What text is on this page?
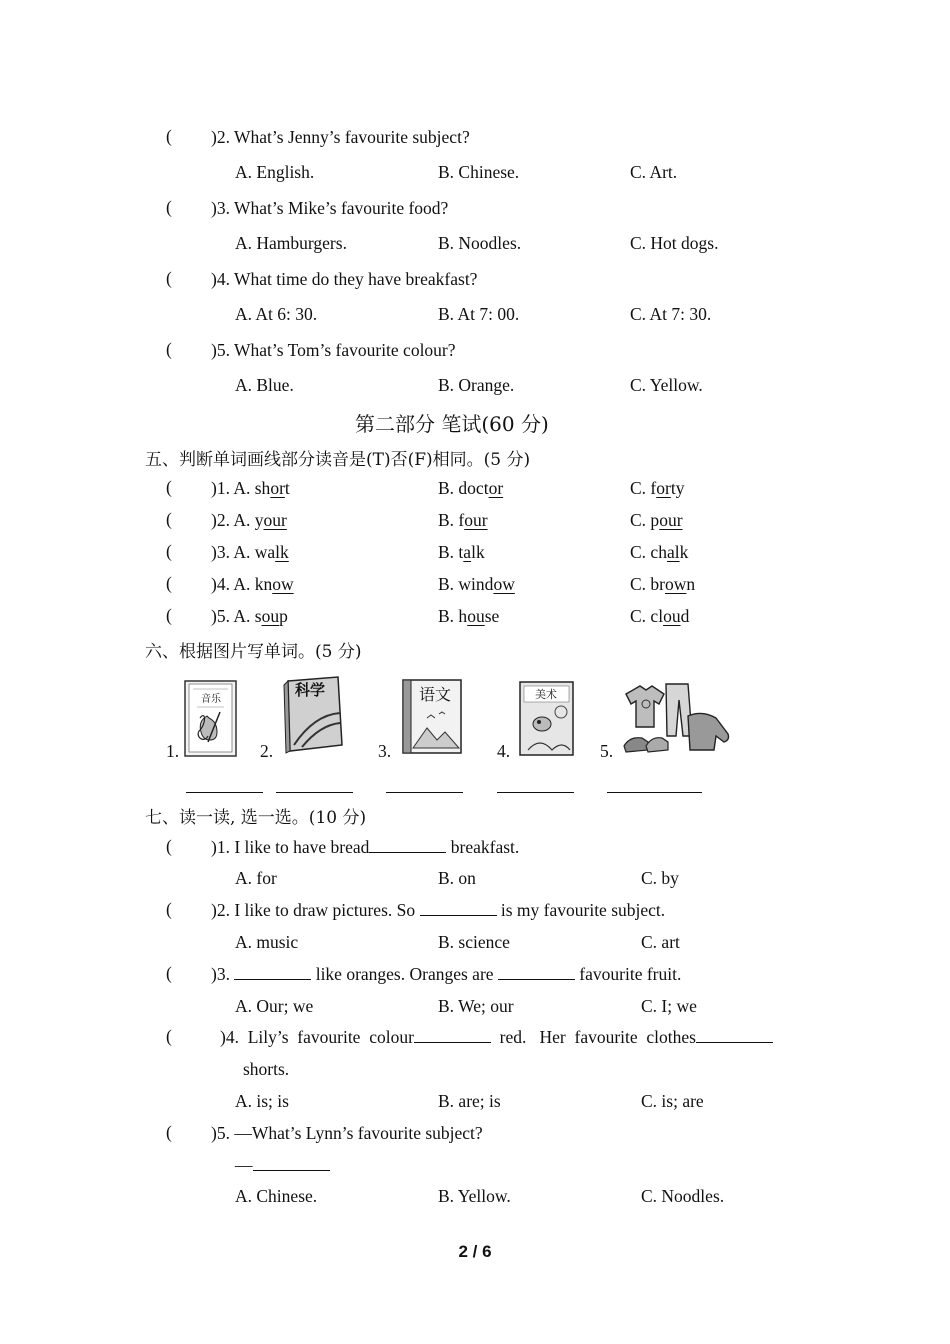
( )2. What’s Jenny’s favourite subject?
A. English.	B. Chinese.	C. Art.
( )3. What’s Mike’s favourite food?
A. Hamburgers.	B. Noodles.	C. Hot dogs.
( )4. What time do they have breakfast?
A. At 6: 30.	B. At 7: 00.	C. At 7: 30.
( )5. What’s Tom’s favourite colour?
A. Blue.	B. Orange.	C. Yellow.
第二部分 笔试(60 分)
五、判断单词画线部分读音是(T)否(F)相同。(5 分)
( )1. A. short	B. doctor	C. forty
( )2. A. your	B. four	C. pour
( )3. A. walk	B. talk	C. chalk
( )4. A. know	B. window	C. brown
( )5. A. soup	B. house	C. cloud
六、根据图片写单词。(5 分)
1.
音乐
2.
科学
3.
语文
4.
美术
5.
七、读一读, 选一选。(10 分)
( )1. I like to have bread	breakfast.
A. for	B. on	C. by
( )2. I like to draw pictures. So	is my favourite subject.
A. music	B. science	C. art
( )3.	like oranges. Oranges are	favourite fruit.
A. Our; we	B. We; our	C. I; we
(	)4.  Lily’s  favourite  colour	red.   Her  favourite  clothes
shorts.
A. is; is	B. are; is	C. is; are
( )5. —What’s Lynn’s favourite subject?
—
A. Chinese.	B. Yellow.	C. Noodles.
2 / 6
